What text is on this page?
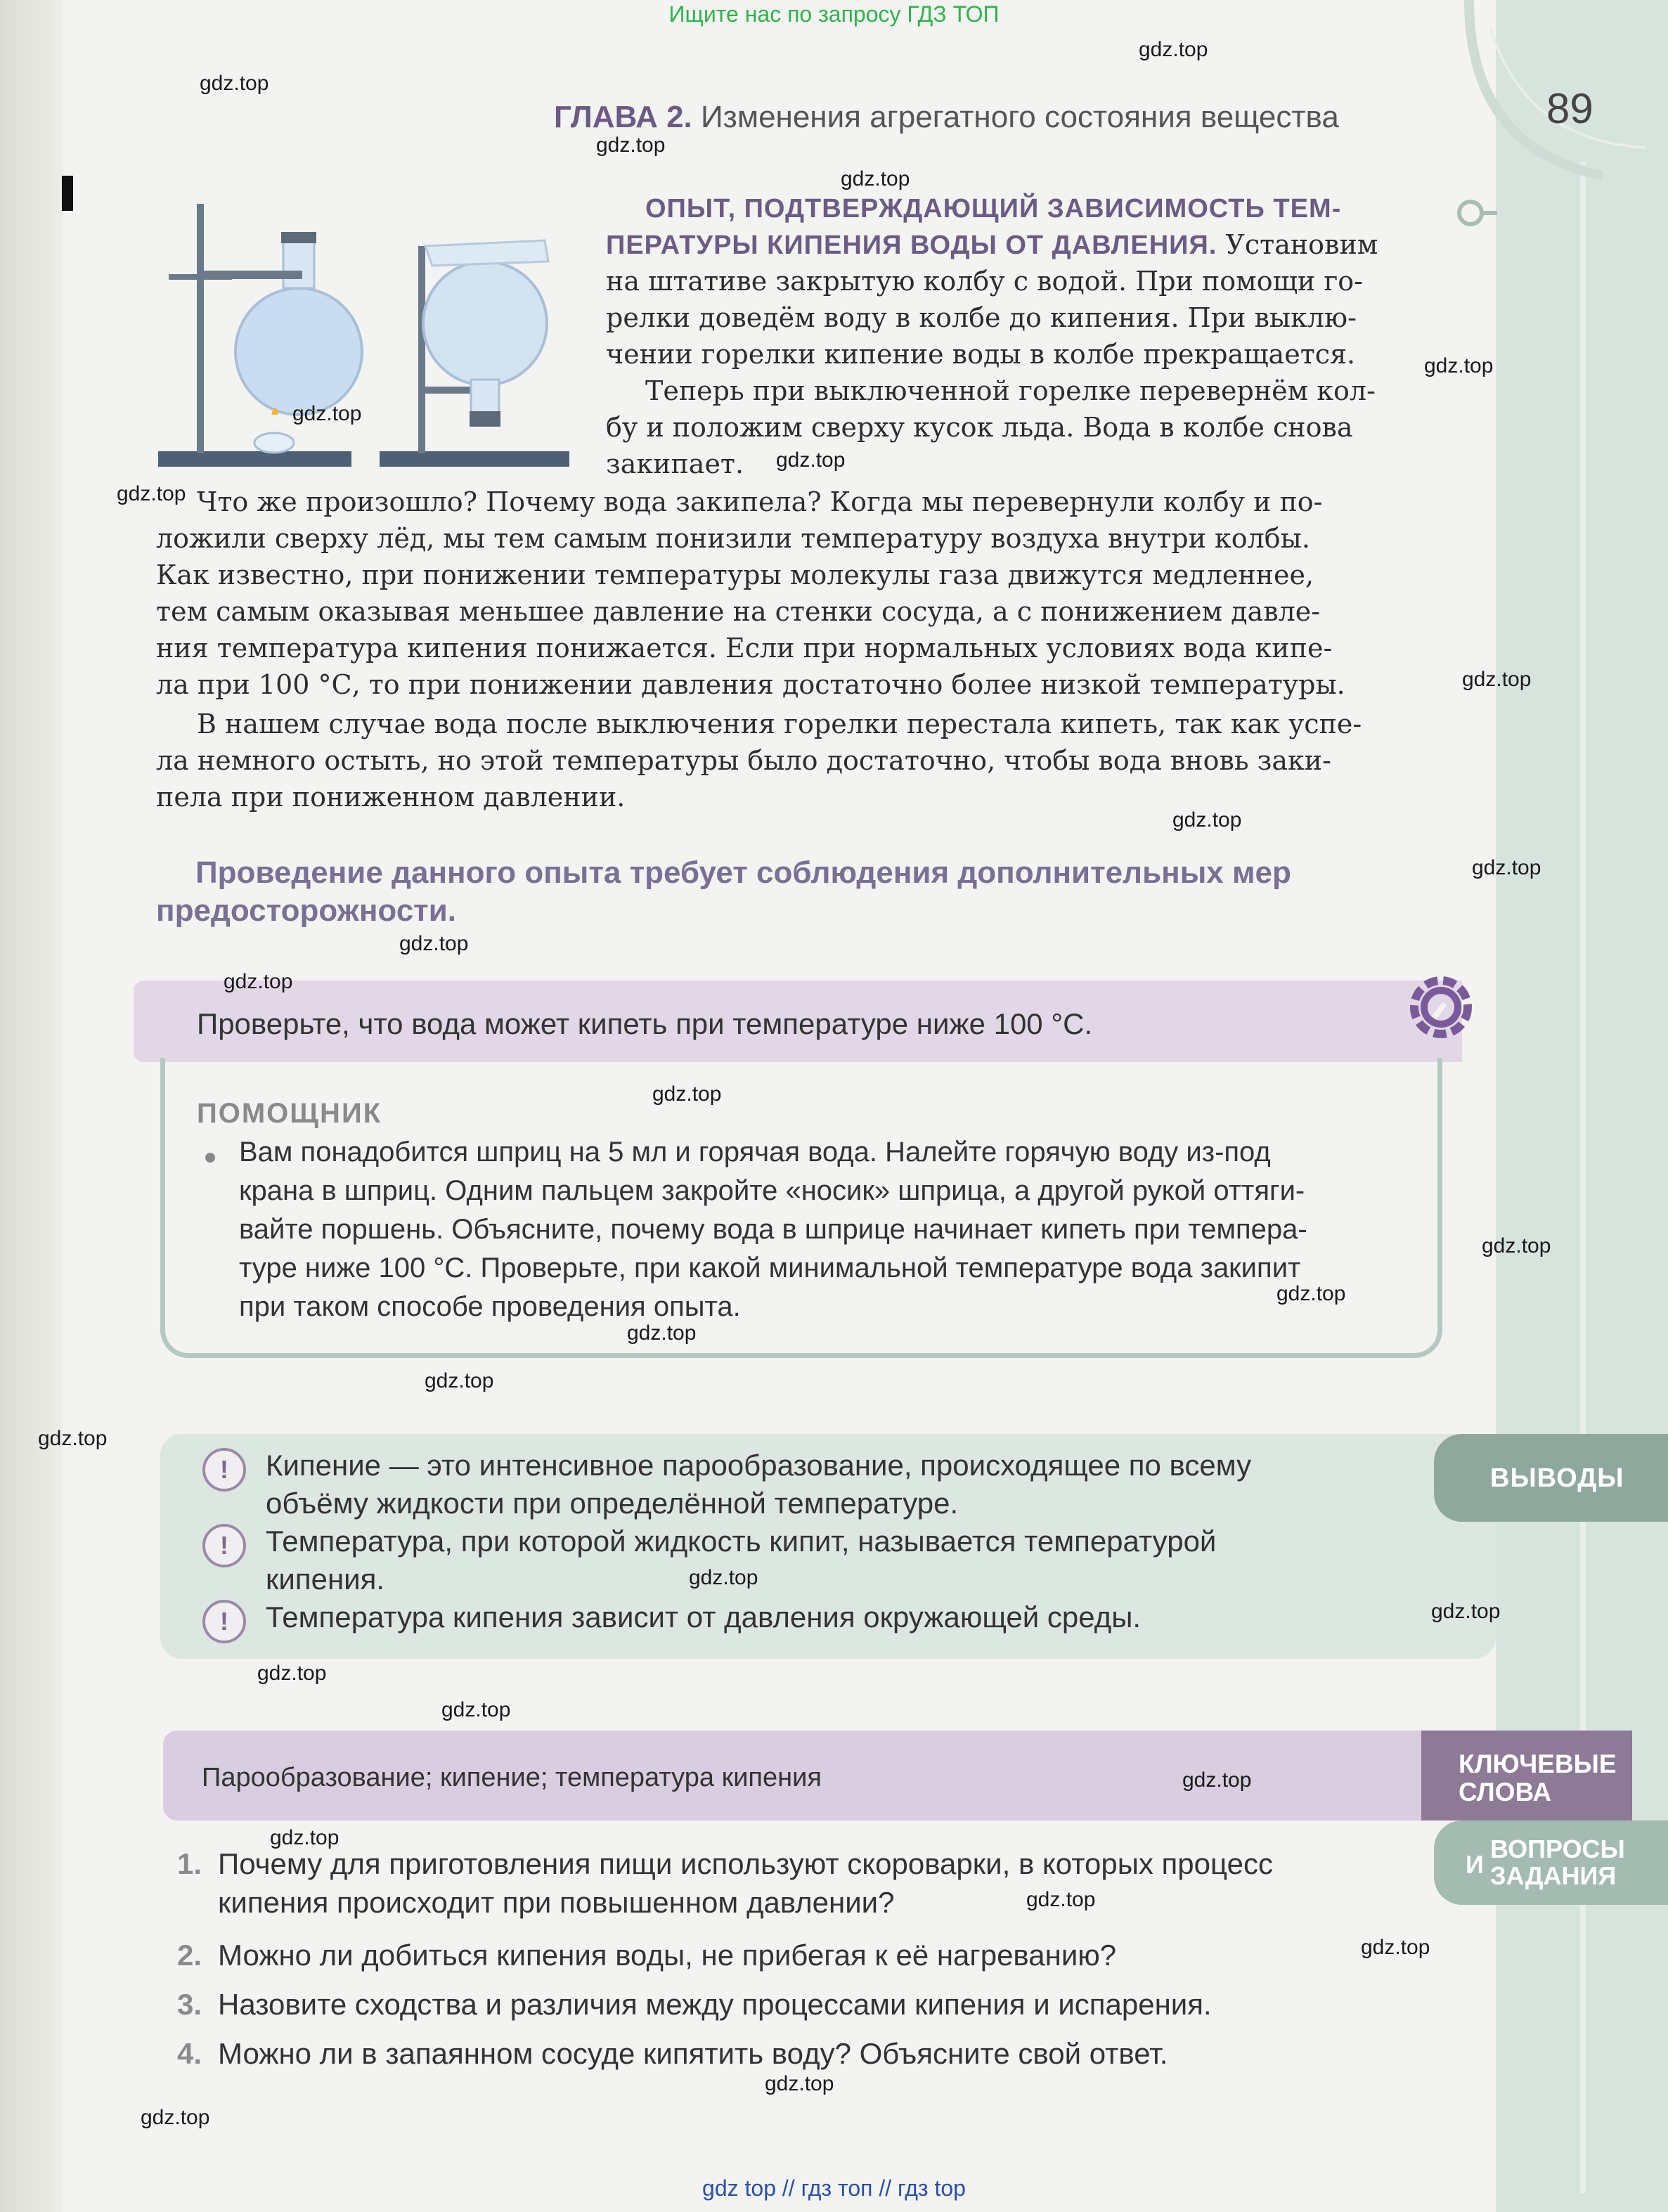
Ищите нас по запросу ГДЗ ТОП
89
ГЛАВА 2. Изменения агрегатного состояния вещества
ОПЫТ, ПОДТВЕРЖДАЮЩИЙ ЗАВИСИМОСТЬ ТЕМ-
ПЕРАТУРЫ КИПЕНИЯ ВОДЫ ОТ ДАВЛЕНИЯ. Установим
на штативе закрытую колбу с водой. При помощи го-
релки доведём воду в колбе до кипения. При выклю-
чении горелки кипение воды в колбе прекращается.
Теперь при выключенной горелке перевернём кол-
бу и положим сверху кусок льда. Вода в колбе снова
закипает.
Что же произошло? Почему вода закипела? Когда мы перевернули колбу и по-
ложили сверху лёд, мы тем самым понизили температуру воздуха внутри колбы.
Как известно, при понижении температуры молекулы газа движутся медленнее,
тем самым оказывая меньшее давление на стенки сосуда, а с понижением давле-
ния температура кипения понижается. Если при нормальных условиях вода кипе-
ла при 100 °С, то при понижении давления достаточно более низкой температуры.
В нашем случае вода после выключения горелки перестала кипеть, так как успе-
ла немного остыть, но этой температуры было достаточно, чтобы вода вновь заки-
пела при пониженном давлении.
Проведение данного опыта требует соблюдения дополнительных мер
предосторожности.
Проверьте, что вода может кипеть при температуре ниже 100 °С.
ПОМОЩНИК
Вам понадобится шприц на 5 мл и горячая вода. Налейте горячую воду из-под
крана в шприц. Одним пальцем закройте «носик» шприца, а другой рукой оттяги-
вайте поршень. Объясните, почему вода в шприце начинает кипеть при темпера-
туре ниже 100 °С. Проверьте, при какой минимальной температуре вода закипит
при таком способе проведения опыта.
ВЫВОДЫ
!	Кипение — это интенсивное парообразование, происходящее по всему
объёму жидкости при определённой температуре.
!	Температура, при которой жидкость кипит, называется температурой
кипения.
!	Температура кипения зависит от давления окружающей среды.
Парообразование; кипение; температура кипения	КЛЮЧЕВЫЕ
СЛОВА
И
ВОПРОСЫ
ЗАДАНИЯ
1. Почему для приготовления пищи используют скороварки, в которых процесс
кипения происходит при повышенном давлении?
2. Можно ли добиться кипения воды, не прибегая к её нагреванию?
3. Назовите сходства и различия между процессами кипения и испарения.
4. Можно ли в запаянном сосуде кипятить воду? Объясните свой ответ.
gdz.top
gdz.top
gdz.top
gdz.top
gdz.top
gdz.top
gdz.top
gdz.top
gdz.top
gdz.top
gdz.top
gdz.top
gdz.top
gdz.top
gdz.top
gdz.top
gdz.top
gdz.top
gdz.top
gdz.top
gdz.top
gdz.top
gdz.top
gdz.top
gdz.top
gdz.top
gdz.top
gdz.top
gdz.top
gdz top // гдз топ // гдз top
